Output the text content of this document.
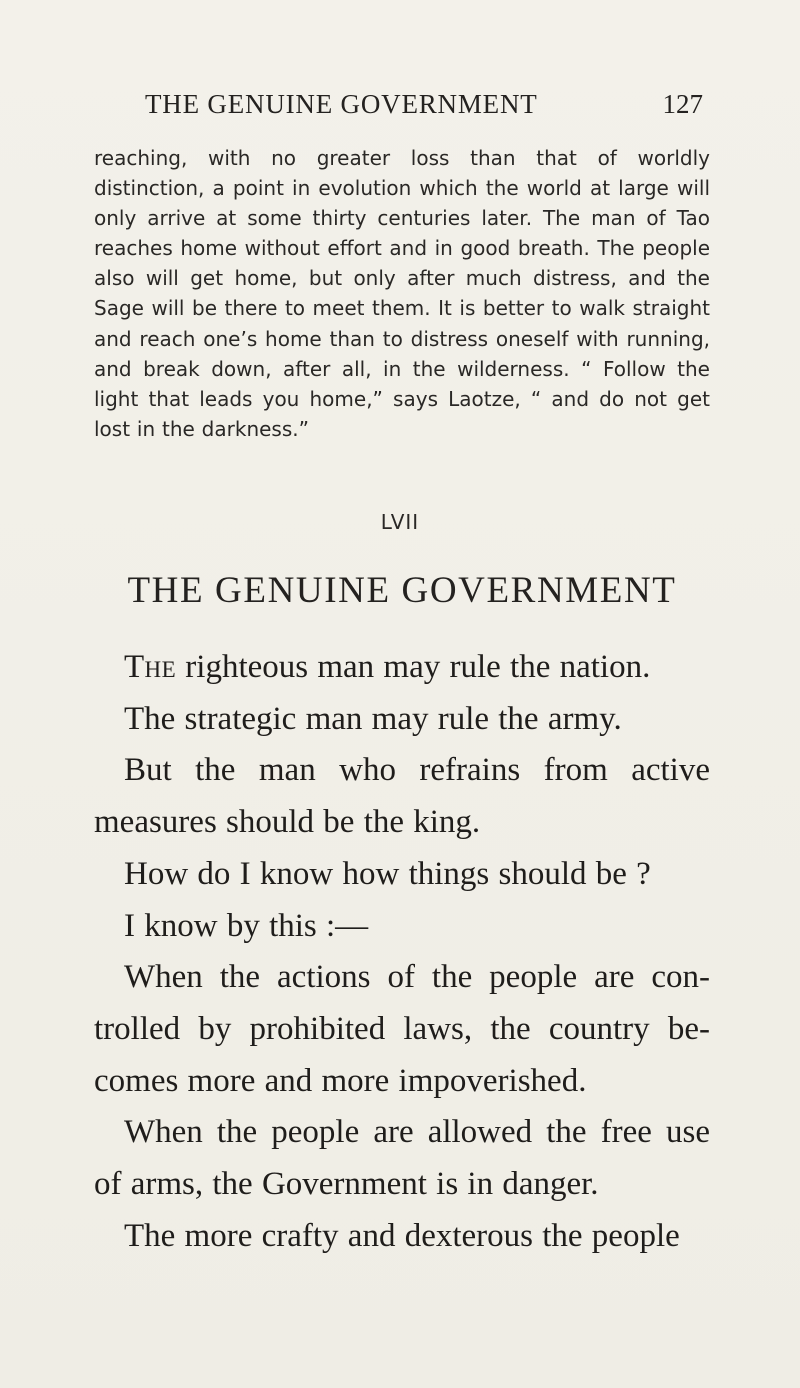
THE GENUINE GOVERNMENT	127

reaching, with no greater loss than that of worldly distinction, a point in evolution which the world at large will only arrive at some thirty centuries later. The man of Tao reaches home without effort and in good breath. The people also will get home, but only after much distress, and the Sage will be there to meet them. It is better to walk straight and reach one’s home than to distress oneself with running, and break down, after all, in the wilderness. “ Follow the light that leads you home,” says Laotze, “ and do not get lost in the darkness.”

LVII
THE GENUINE GOVERNMENT

The righteous man may rule the nation.

The strategic man may rule the army.

But the man who refrains from active measures should be the king.

How do I know how things should be ?

I know by this :—

When the actions of the people are con- trolled by prohibited laws, the country be- comes more and more impoverished.

When the people are allowed the free use of arms, the Government is in danger.

The more crafty and dexterous the people
